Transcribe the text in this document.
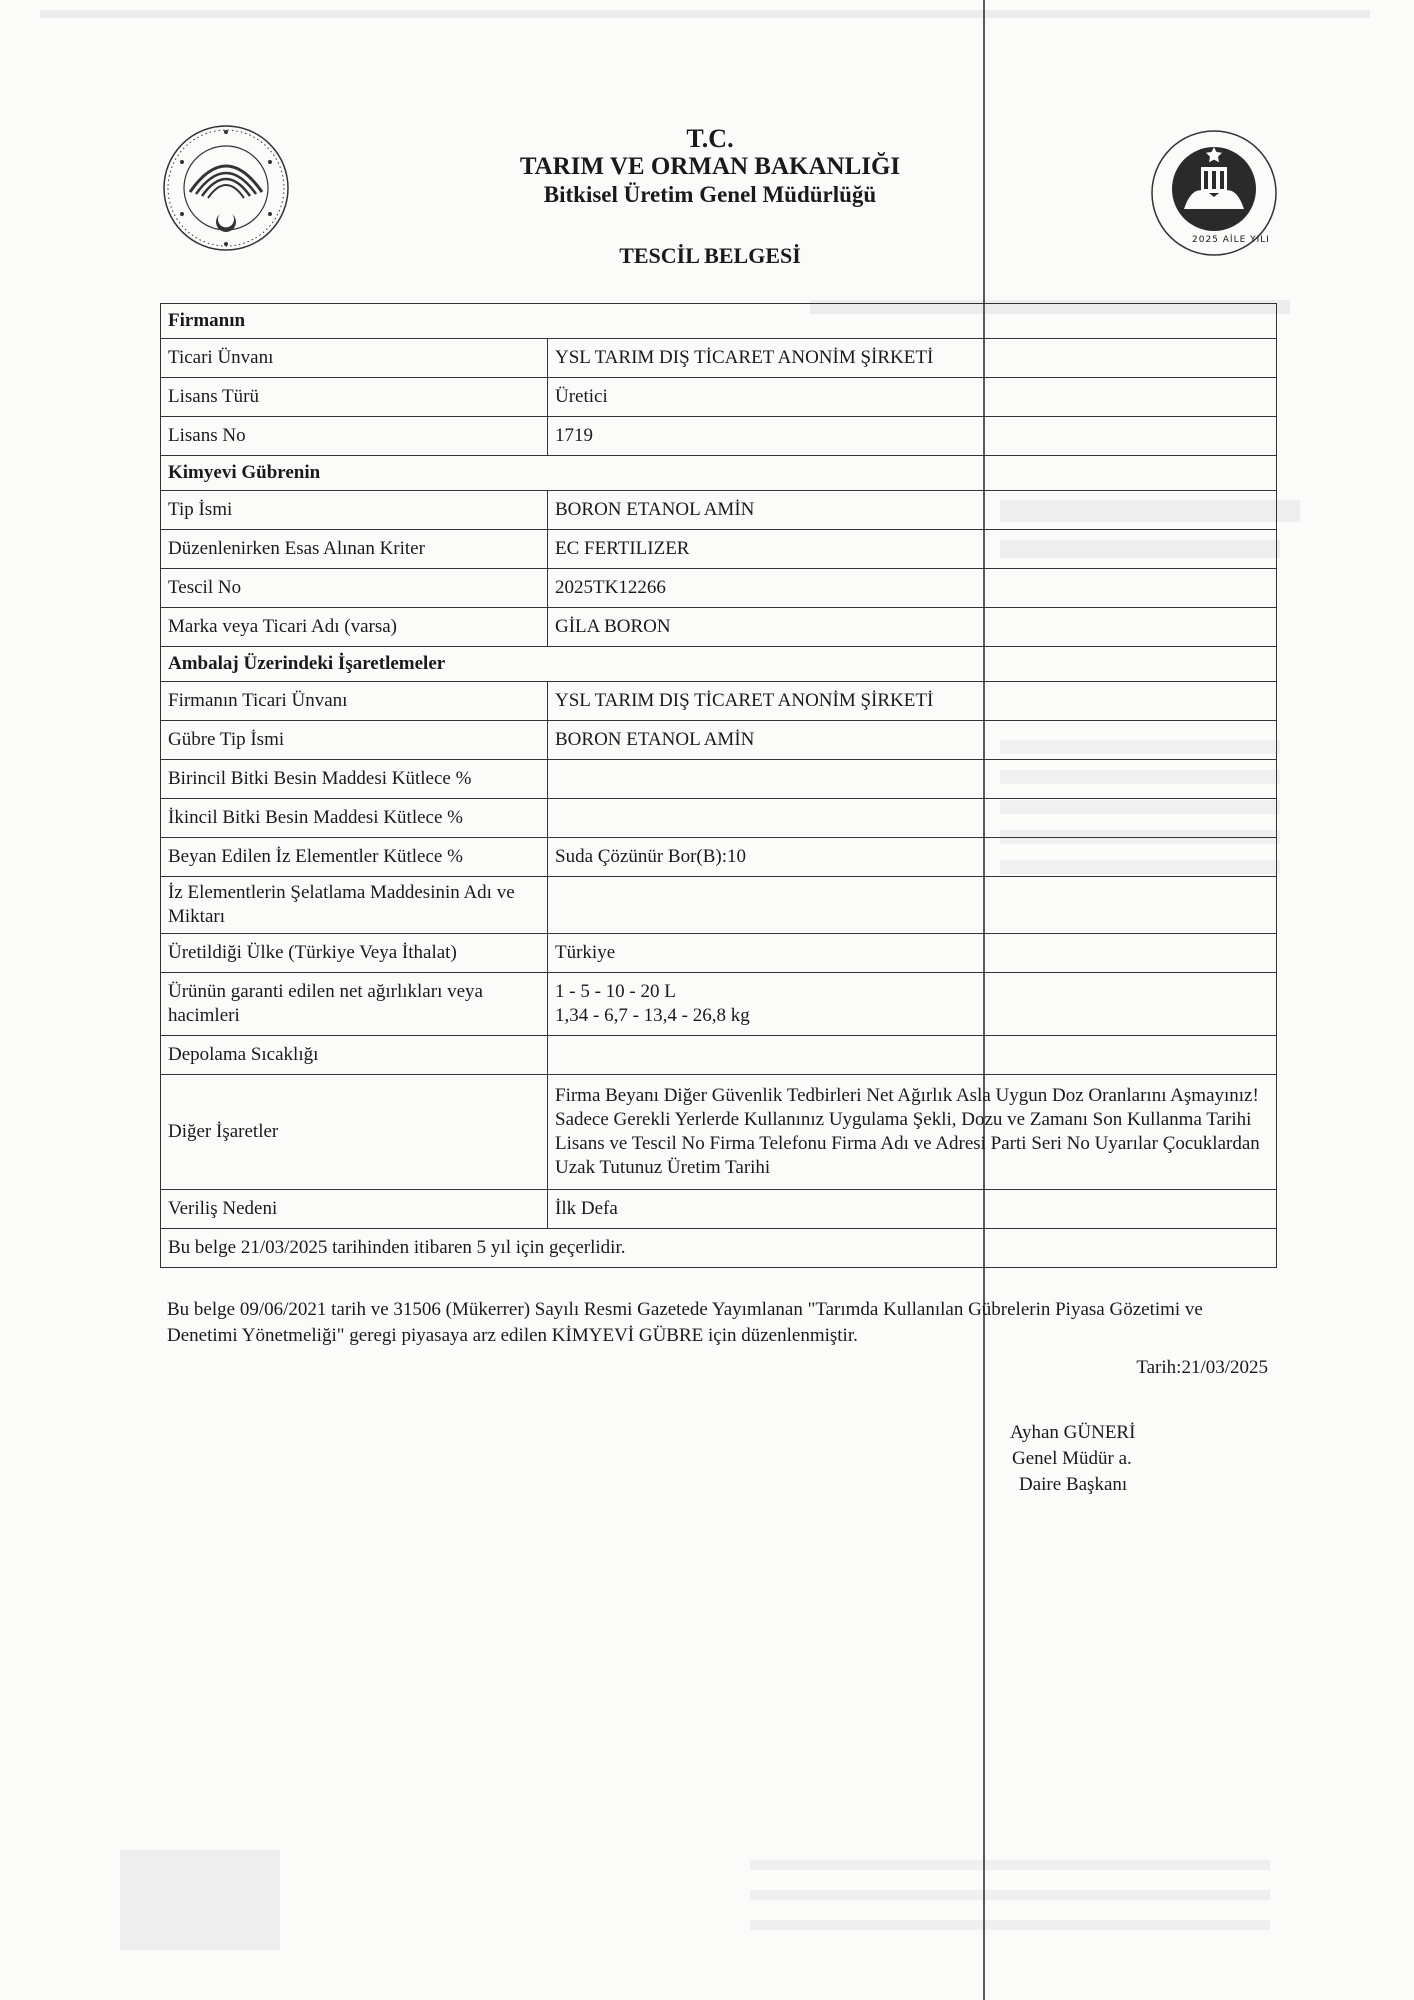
T.C.
TARIM VE ORMAN BAKANLIĞI
Bitkisel Üretim Genel Müdürlüğü
2025 AİLE YILI
TESCİL BELGESİ
Firmanın	
Ticari Ünvanı	YSL TARIM DIŞ TİCARET ANONİM ŞİRKETİ
Lisans Türü	Üretici
Lisans No	1719
Kimyevi Gübrenin	
Tip İsmi	BORON ETANOL AMİN
Düzenlenirken Esas Alınan Kriter	EC FERTILIZER
Tescil No	2025TK12266
Marka veya Ticari Adı (varsa)	GİLA BORON
Ambalaj Üzerindeki İşaretlemeler	
Firmanın Ticari Ünvanı	YSL TARIM DIŞ TİCARET ANONİM ŞİRKETİ
Gübre Tip İsmi	BORON ETANOL AMİN
Birincil Bitki Besin Maddesi Kütlece %	
İkincil Bitki Besin Maddesi Kütlece %	
Beyan Edilen İz Elementler Kütlece %	Suda Çözünür Bor(B):10
İz Elementlerin Şelatlama Maddesinin Adı ve Miktarı	
Üretildiği Ülke (Türkiye Veya İthalat)	Türkiye
Ürünün garanti edilen net ağırlıkları veya hacimleri	1 - 5 - 10 - 20 L
1,34 - 6,7 - 13,4 - 26,8 kg

Depolama Sıcaklığı	
Diğer İşaretler	Firma Beyanı Diğer Güvenlik Tedbirleri Net Ağırlık Asla Uygun Doz Oranlarını Aşmayınız! Sadece Gerekli Yerlerde Kullanınız Uygulama Şekli, Dozu ve Zamanı Son Kullanma Tarihi Lisans ve Tescil No Firma Telefonu Firma Adı ve Adresi Parti Seri No Uyarılar Çocuklardan Uzak Tutunuz Üretim Tarihi
Veriliş Nedeni	İlk Defa
Bu belge 21/03/2025 tarihinden itibaren 5 yıl için geçerlidir.	
Bu belge 09/06/2021 tarih ve 31506 (Mükerrer) Sayılı Resmi Gazetede Yayımlanan "Tarımda Kullanılan Gübrelerin Piyasa Gözetimi ve Denetimi Yönetmeliği" geregi piyasaya arz edilen KİMYEVİ GÜBRE için düzenlenmiştir.
Tarih:21/03/2025
Ayhan GÜNERİ
Genel Müdür a.
Daire Başkanı
